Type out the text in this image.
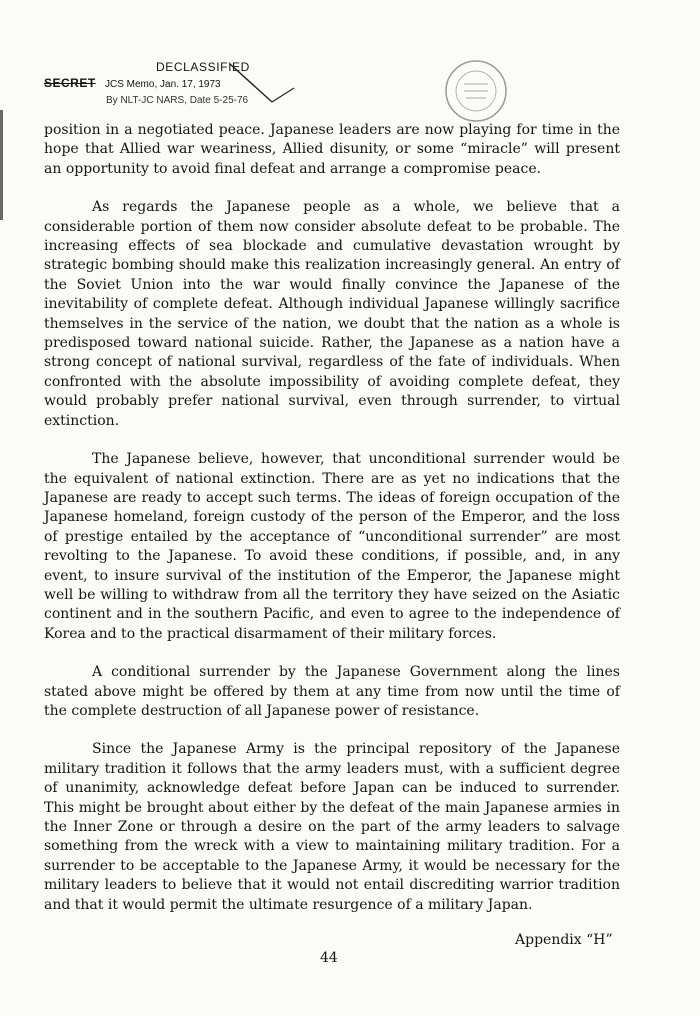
SECRET
DECLASSIFIED
JCS Memo, Jan. 17, 1973
By NLT-JC NARS, Date 5-25-76

position in a negotiated peace. Japanese leaders are now playing for time in the hope that Allied war weariness, Allied disunity, or some “miracle” will present an opportunity to avoid final defeat and arrange a compromise peace.

As regards the Japanese people as a whole, we believe that a considerable portion of them now consider absolute defeat to be probable. The increasing effects of sea blockade and cumulative devastation wrought by strategic bombing should make this realization increasingly general. An entry of the Soviet Union into the war would finally convince the Japanese of the inevitability of complete defeat. Although individual Japanese willingly sacrifice themselves in the service of the nation, we doubt that the nation as a whole is predisposed toward national suicide. Rather, the Japanese as a nation have a strong concept of national survival, regardless of the fate of individuals. When confronted with the absolute impossibility of avoiding complete defeat, they would probably prefer national survival, even through surrender, to virtual extinction.

The Japanese believe, however, that unconditional surrender would be the equivalent of national extinction. There are as yet no indications that the Japanese are ready to accept such terms. The ideas of foreign occupation of the Japanese homeland, foreign custody of the person of the Emperor, and the loss of prestige entailed by the acceptance of “unconditional surrender” are most revolting to the Japanese. To avoid these conditions, if possible, and, in any event, to insure survival of the institution of the Emperor, the Japanese might well be willing to withdraw from all the territory they have seized on the Asiatic continent and in the southern Pacific, and even to agree to the independence of Korea and to the practical disarmament of their military forces.

A conditional surrender by the Japanese Government along the lines stated above might be offered by them at any time from now until the time of the complete destruction of all Japanese power of resistance.

Since the Japanese Army is the principal repository of the Japanese military tradition it follows that the army leaders must, with a sufficient degree of unanimity, acknowledge defeat before Japan can be induced to surrender. This might be brought about either by the defeat of the main Japanese armies in the Inner Zone or through a desire on the part of the army leaders to salvage something from the wreck with a view to maintaining military tradition. For a surrender to be acceptable to the Japanese Army, it would be necessary for the military leaders to believe that it would not entail discrediting warrior tradition and that it would permit the ultimate resurgence of a military Japan.

Appendix “H”
44
